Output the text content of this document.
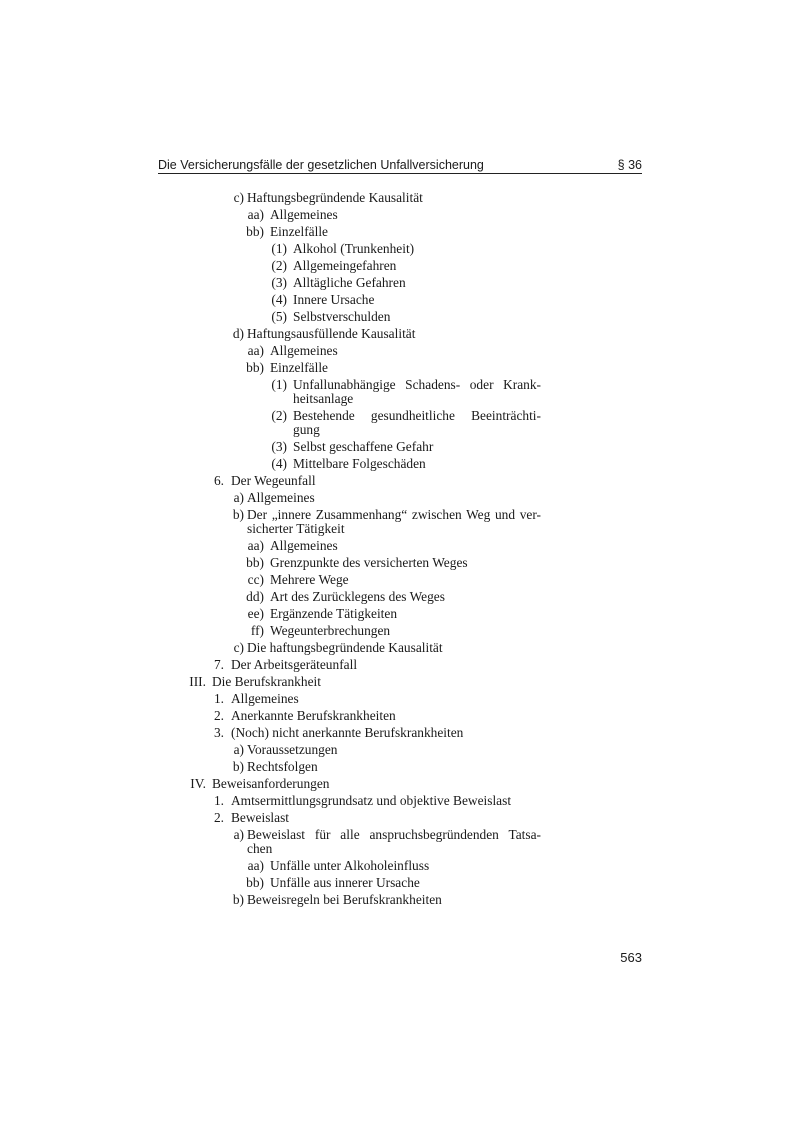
Die Versicherungsfälle der gesetzlichen Unfallversicherung	§ 36
c) Haftungsbegründende Kausalität
aa) Allgemeines
bb) Einzelfälle
(1) Alkohol (Trunkenheit)
(2) Allgemeingefahren
(3) Alltägliche Gefahren
(4) Innere Ursache
(5) Selbstverschulden
d) Haftungsausfüllende Kausalität
aa) Allgemeines
bb) Einzelfälle
(1) Unfallunabhängige Schadens- oder Krank-
heitsanlage
(2) Bestehende gesundheitliche Beeinträchti-
gung
(3) Selbst geschaffene Gefahr
(4) Mittelbare Folgeschäden
6. Der Wegeunfall
a) Allgemeines
b) Der „innere Zusammenhang“ zwischen Weg und ver-
sicherter Tätigkeit
aa) Allgemeines
bb) Grenzpunkte des versicherten Weges
cc) Mehrere Wege
dd) Art des Zurücklegens des Weges
ee) Ergänzende Tätigkeiten
ff) Wegeunterbrechungen
c) Die haftungsbegründende Kausalität
7. Der Arbeitsgeräteunfall
III. Die Berufskrankheit
1. Allgemeines
2. Anerkannte Berufskrankheiten
3. (Noch) nicht anerkannte Berufskrankheiten
a) Voraussetzungen
b) Rechtsfolgen
IV. Beweisanforderungen
1. Amtsermittlungsgrundsatz und objektive Beweislast
2. Beweislast
a) Beweislast für alle anspruchsbegründenden Tatsa-
chen
aa) Unfälle unter Alkoholeinfluss
bb) Unfälle aus innerer Ursache
b) Beweisregeln bei Berufskrankheiten
563
